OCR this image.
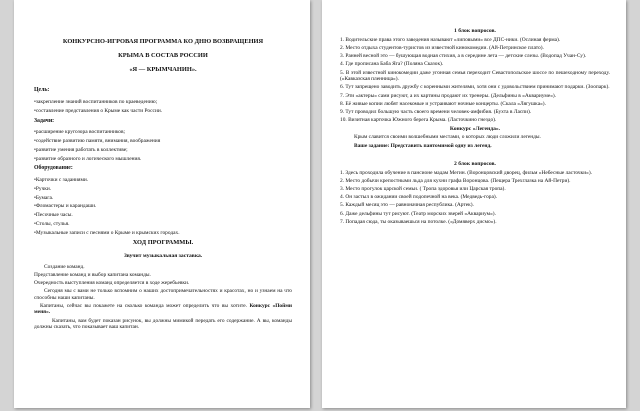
КОНКУРСНО-ИГРОВАЯ ПРОГРАММА КО ДНЮ ВОЗВРАЩЕНИЯ

КРЫМА В СОСТАВ РОССИИ

«Я — КРЫМЧАНИН».

Цель:

•закрепление знаний воспитанников по краеведению;

•составление представления о Крыме как части России.

Задачи:

•расширение кругозора воспитанников;

•содействие развитию памяти, внимания, воображения

•развитие умения работать в коллективе;

•развитие образного и логического мышления.

Оборудование:

•Карточки с заданиями.

•Ручки.

•Бумага.

•Фломастеры и карандаши.

•Песочные часы.

•Столы, стулья.

•Музыкальные записи с песнями о Крыме и крымских городах.

ХОД ПРОГРАММЫ.

Звучит музыкальная заставка.

Создание команд.

Представление команд и выбор капитана команды.

Очередность выступления команд определяется в ходе жеребьевки.

Сегодня мы с вами не только вспомним о наших достопримечательностях и красотах, но и узнаем на что способны наши капитаны.

Капитаны, сейчас вы покажете на сколько команда может определить что вы хотите. Конкурс «Пойми меня».

Капитаны, вам будет показан рисунок, вы должны мимикой передать его содержание. А вы, команды должны сказать, что показывает ваш капитан.

1 блок вопросов.

1. Водительские права этого заведения называют «липовыми» все ДПС-ники. (Ослиная ферма).

2. Место отдыха студентов-туристов из известной кинокомедии. (Ай-Петринское плато).

3. Ранней весной это — бушующая водная стихия, а в середине лета — детские слезы. (Водопад Учан-Су).

4. Где прописана Баба Яга? (Поляна Сказок).

5. В этой известной кинокомедии даже угонная семья переходит Севастопольское шоссе по пешеходному переходу. («Кавказская пленница»).

6. Тут запрещено заводить дружбу с коренными жителями, хотя они с удовольствием принимают подарки. (Зоопарк).

7. Эти «актеры» сами рисуют, а их картины продают их тренеры. (Дельфины в «Аквариуме»).

8. Её живые копии любят насекомые и устраивают ночные концерты. (Скала «Лягушка»).

9. Тут проводил большую часть своего времени человек-амфибия. (Бухта в Ласпи).

10. Визитная карточка Южного берега Крыма. (Ласточкино гнездо).

Конкурс «Легенда».

Крым славится своими волшебными местами, о которых люди сложили легенды.

Ваше задание: Представить пантомимой одну из легенд.

2 блок вопросов.

1. Здесь проходила обучение в пансионе мадам Мегин. (Воронцовский дворец, фильм «Небесные ласточки»).

2. Место добычи крепостными льда для кухни графа Воронцова. (Пещера Трехглазка на Ай-Петри).

3. Место прогулок царской семьи. ( Тропа здоровья или Царская тропа).

4. Он застыл в ожидании своей подопечной на века. (Медведь-гора).

5. Каждый месяц это — равноначная республика. (Артек).

6. Даже дельфины тут рисуют. (Театр морских зверей «Аквариум»).

7. Попадая сюда, ты оказываешься на потолке. («Домяверх дисмо»).
